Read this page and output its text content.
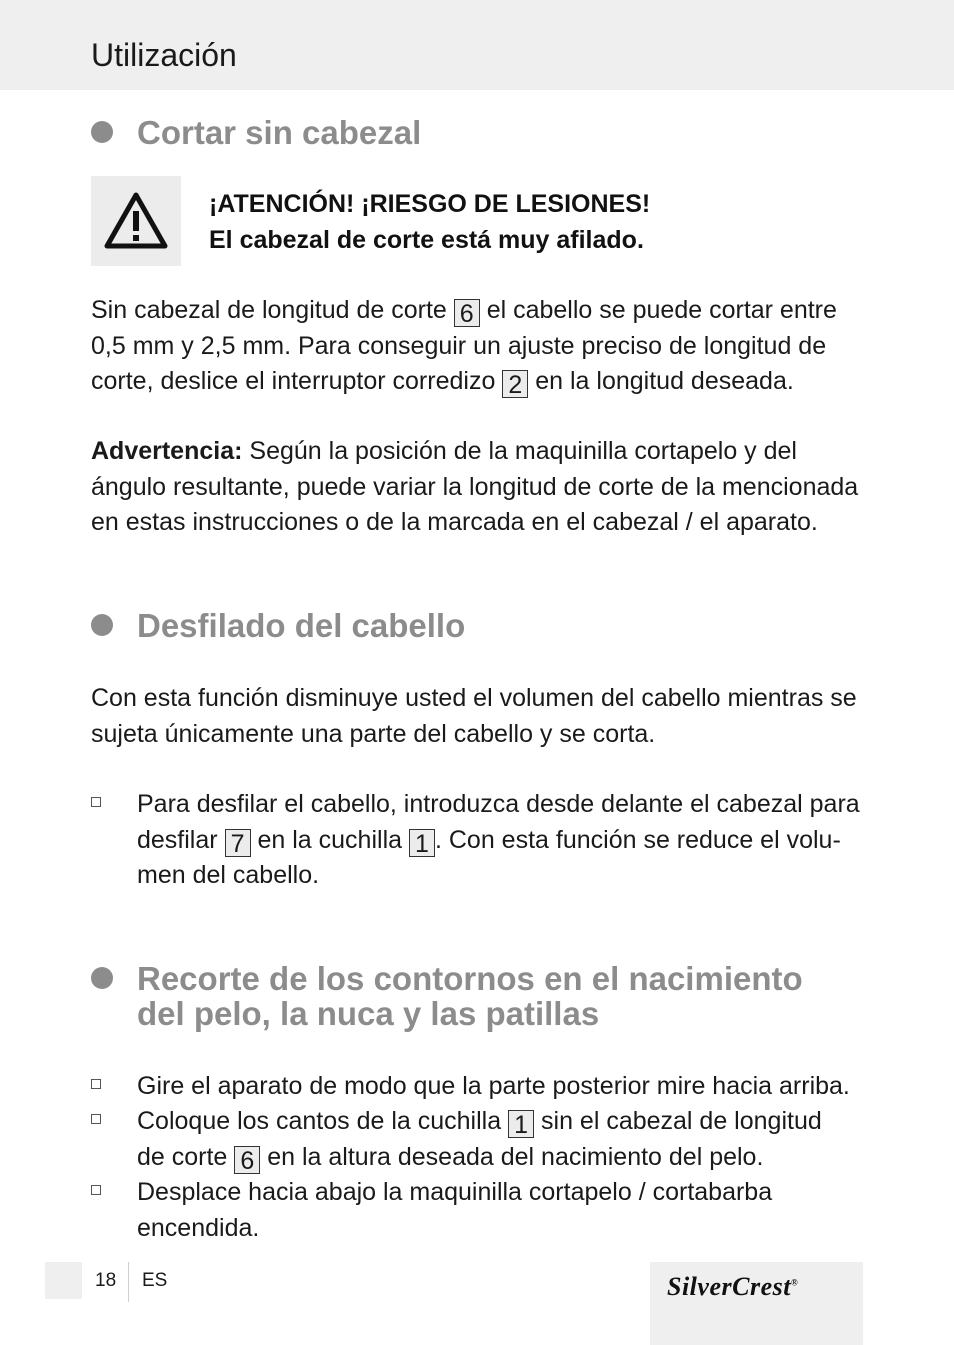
Utilización
Cortar sin cabezal
¡ATENCIÓN! ¡RIESGO DE LESIONES!
El cabezal de corte está muy afilado.
Sin cabezal de longitud de corte 6 el cabello se puede cortar entre
0,5 mm y 2,5 mm. Para conseguir un ajuste preciso de longitud de
corte, deslice el interruptor corredizo 2 en la longitud deseada.
Advertencia: Según la posición de la maquinilla cortapelo y del
ángulo resultante, puede variar la longitud de corte de la mencionada
en estas instrucciones o de la marcada en el cabezal / el aparato.
Desfilado del cabello
Con esta función disminuye usted el volumen del cabello mientras se
sujeta únicamente una parte del cabello y se corta.
Para desfilar el cabello, introduzca desde delante el cabezal para
desfilar 7 en la cuchilla 1 . Con esta función se reduce el volu-
men del cabello.
Recorte de los contornos en el nacimiento
del pelo, la nuca y las patillas
Gire el aparato de modo que la parte posterior mire hacia arriba.
Coloque los cantos de la cuchilla 1 sin el cabezal de longitud
de corte 6 en la altura deseada del nacimiento del pelo.
Desplace hacia abajo la maquinilla cortapelo / cortabarba
encendida.
18 ES	SilverCrest®
